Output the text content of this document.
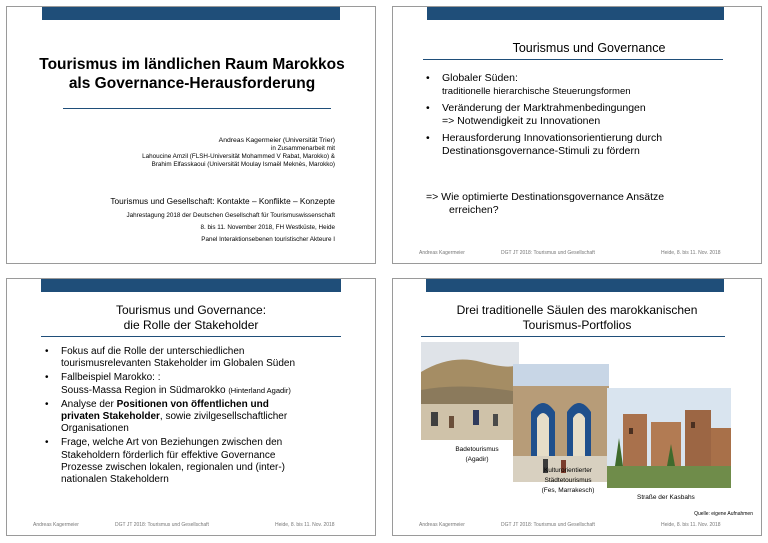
Tourismus im ländlichen Raum Marokkos als Governance-Herausforderung
Andreas Kagermeier (Universität Trier)
in Zusammenarbeit mit
Lahoucine Amzil (FLSH-Universität Mohammed V Rabat, Marokko) &
Brahim Elfasskaoui (Universität Moulay Ismaël Meknès, Marokko)
Tourismus und Gesellschaft: Kontakte – Konflikte – Konzepte
Jahrestagung 2018 der Deutschen Gesellschaft für Tourismuswissenschaft
8. bis 11. November 2018, FH Westküste, Heide
Panel Interaktionsebenen touristischer Akteure I
Tourismus und Governance
• Globaler Süden:
traditionelle hierarchische Steuerungsformen
• Veränderung der Marktrahmenbedingungen
=> Notwendigkeit zu Innovationen
• Herausforderung Innovationsorientierung durch
Destinationsgovernance-Stimuli zu fördern
=> Wie optimierte Destinationsgovernance Ansätze
erreichen?
Andreas Kagermeier	DGT JT 2018: Tourismus und Gesellschaft	Heide, 8. bis 11. Nov. 2018
Tourismus und Governance:
die Rolle der Stakeholder
• Fokus auf die Rolle der unterschiedlichen
tourismusrelevanten Stakeholder im Globalen Süden
• Fallbeispiel Marokko: :
Souss-Massa Region in Südmarokko (Hinterland Agadir)
• Analyse der Positionen von öffentlichen und
privaten Stakeholder, sowie zivilgesellschaftlicher
Organisationen
• Frage, welche Art von Beziehungen zwischen den
Stakeholdern förderlich für effektive Governance
Prozesse zwischen lokalen, regionalen und (inter-)
nationalen Stakeholdern
Andreas Kagermeier	DGT JT 2018: Tourismus und Gesellschaft	Heide, 8. bis 11. Nov. 2018
Drei traditionelle Säulen des marokkanischen
Tourismus-Portfolios
Badetourismus
(Agadir)
Kulturorientierter
Städtetourismus
(Fes, Marrakesch)
Straße der Kasbahs
Quelle: eigene Aufnahmen
Andreas Kagermeier	DGT JT 2018: Tourismus und Gesellschaft	Heide, 8. bis 11. Nov. 2018
